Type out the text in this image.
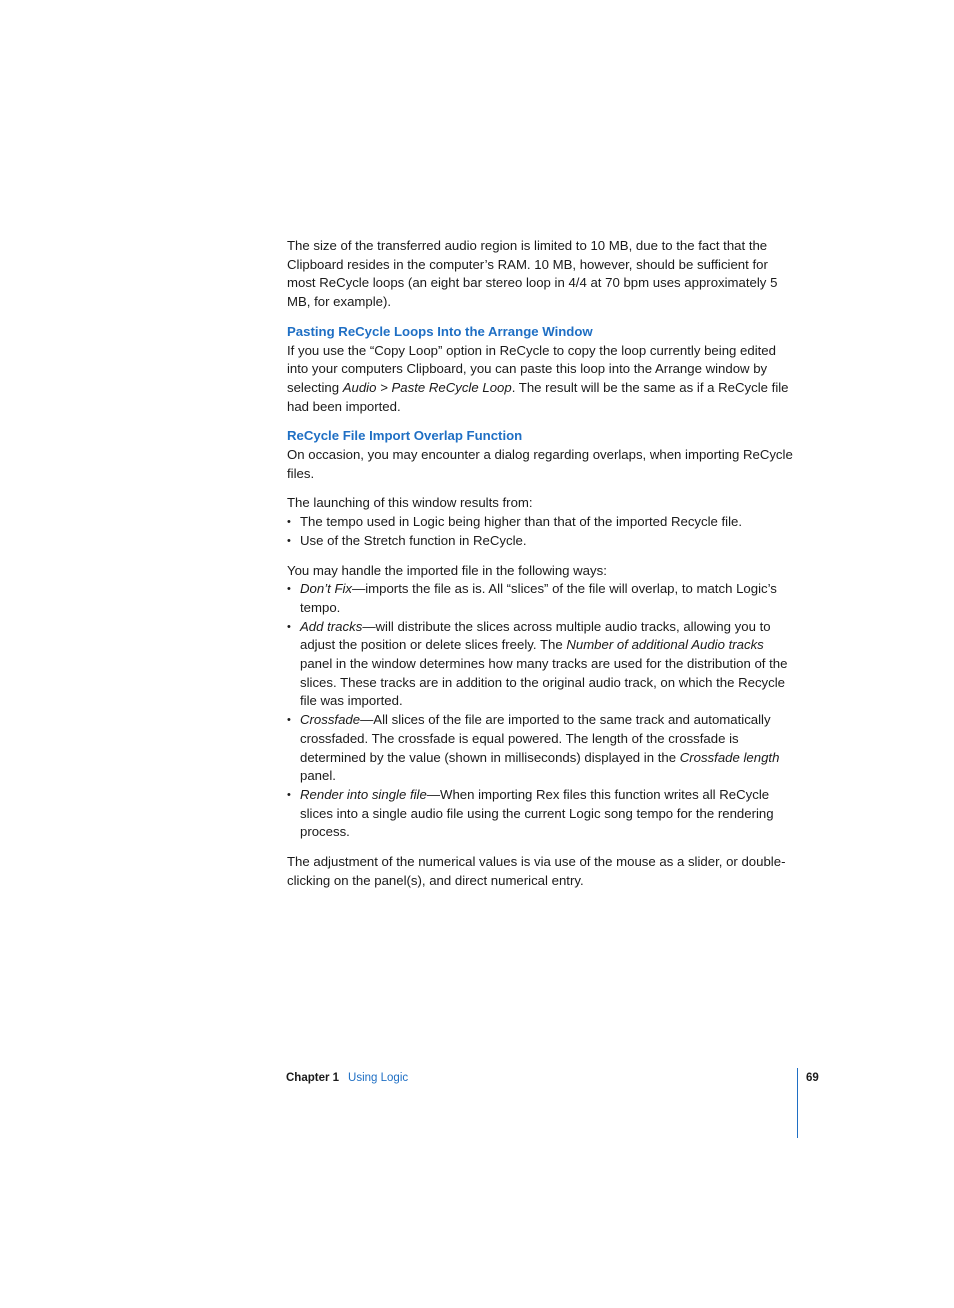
The size of the transferred audio region is limited to 10 MB, due to the fact that the Clipboard resides in the computer’s RAM. 10 MB, however, should be sufficient for most ReCycle loops (an eight bar stereo loop in 4/4 at 70 bpm uses approximately 5 MB, for example).

Pasting ReCycle Loops Into the Arrange Window

If you use the “Copy Loop” option in ReCycle to copy the loop currently being edited into your computers Clipboard, you can paste this loop into the Arrange window by selecting Audio > Paste ReCycle Loop. The result will be the same as if a ReCycle file had been imported.

ReCycle File Import Overlap Function

On occasion, you may encounter a dialog regarding overlaps, when importing ReCycle files.

The launching of this window results from:

• The tempo used in Logic being higher than that of the imported Recycle file.
• Use of the Stretch function in ReCycle.

You may handle the imported file in the following ways:

• Don’t Fix—imports the file as is. All “slices” of the file will overlap, to match Logic’s tempo.
• Add tracks—will distribute the slices across multiple audio tracks, allowing you to adjust the position or delete slices freely. The Number of additional Audio tracks panel in the window determines how many tracks are used for the distribution of the slices. These tracks are in addition to the original audio track, on which the Recycle file was imported.
• Crossfade—All slices of the file are imported to the same track and automatically crossfaded. The crossfade is equal powered. The length of the crossfade is determined by the value (shown in milliseconds) displayed in the Crossfade length panel.
• Render into single file—When importing Rex files this function writes all ReCycle slices into a single audio file using the current Logic song tempo for the rendering process.

The adjustment of the numerical values is via use of the mouse as a slider, or double-clicking on the panel(s), and direct numerical entry.

Chapter 1 Using Logic	69
